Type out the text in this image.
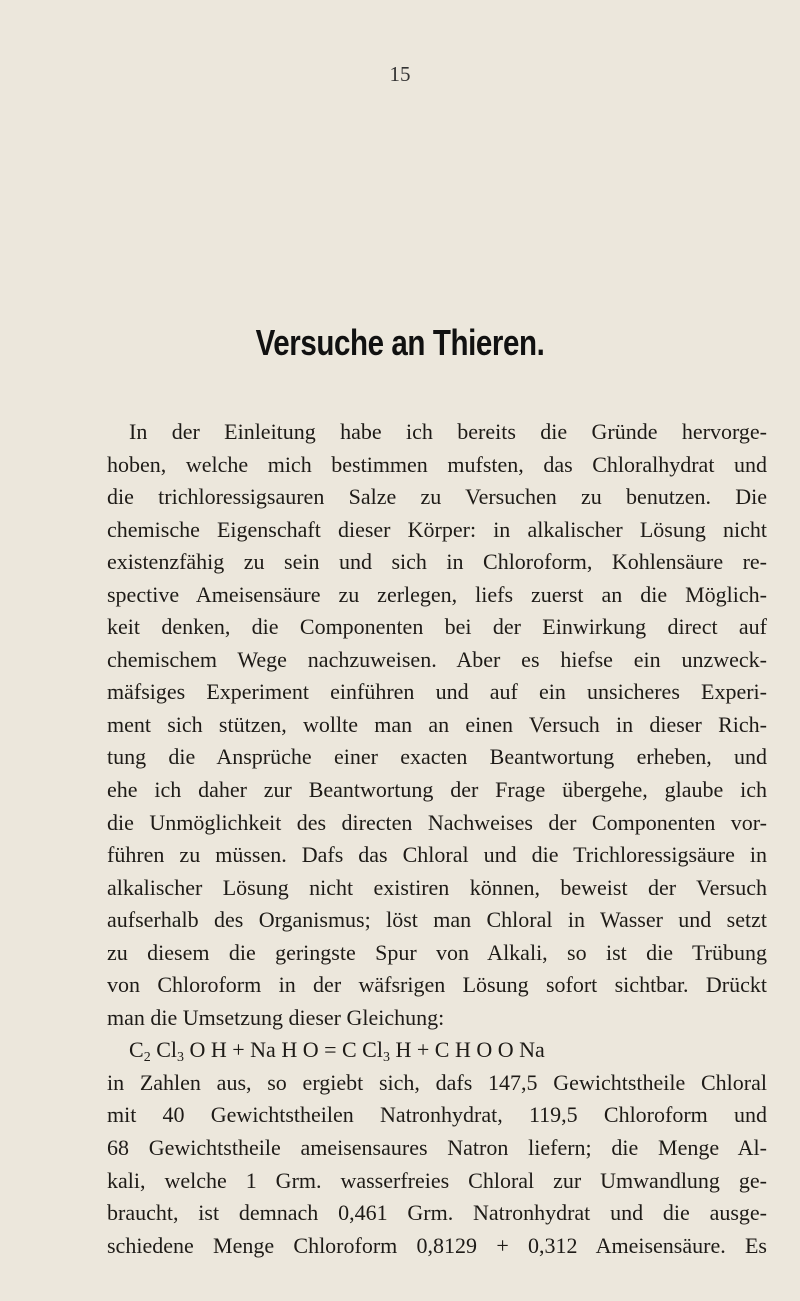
15
Versuche an Thieren.
In der Einleitung habe ich bereits die Gründe hervorge-
hoben, welche mich bestimmen mufsten, das Chloralhydrat und
die trichloressigsauren Salze zu Versuchen zu benutzen. Die
chemische Eigenschaft dieser Körper: in alkalischer Lösung nicht
existenzfähig zu sein und sich in Chloroform, Kohlensäure re-
spective Ameisensäure zu zerlegen, liefs zuerst an die Möglich-
keit denken, die Componenten bei der Einwirkung direct auf
chemischem Wege nachzuweisen. Aber es hiefse ein unzweck-
mäfsiges Experiment einführen und auf ein unsicheres Experi-
ment sich stützen, wollte man an einen Versuch in dieser Rich-
tung die Ansprüche einer exacten Beantwortung erheben, und
ehe ich daher zur Beantwortung der Frage übergehe, glaube ich
die Unmöglichkeit des directen Nachweises der Componenten vor-
führen zu müssen. Dafs das Chloral und die Trichloressigsäure in
alkalischer Lösung nicht existiren können, beweist der Versuch
aufserhalb des Organismus; löst man Chloral in Wasser und setzt
zu diesem die geringste Spur von Alkali, so ist die Trübung
von Chloroform in der wäfsrigen Lösung sofort sichtbar. Drückt
man die Umsetzung dieser Gleichung:
$C_2$ $Cl_3$ O H + Na H O = C $Cl_3$ H + C H O O Na
in Zahlen aus, so ergiebt sich, dafs 147,5 Gewichtstheile Chloral
mit 40 Gewichtstheilen Natronhydrat, 119,5 Chloroform und
68 Gewichtstheile ameisensaures Natron liefern; die Menge Al-
kali, welche 1 Grm. wasserfreies Chloral zur Umwandlung ge-
braucht, ist demnach 0,461 Grm. Natronhydrat und die ausge-
schiedene Menge Chloroform 0,8129 + 0,312 Ameisensäure. Es
